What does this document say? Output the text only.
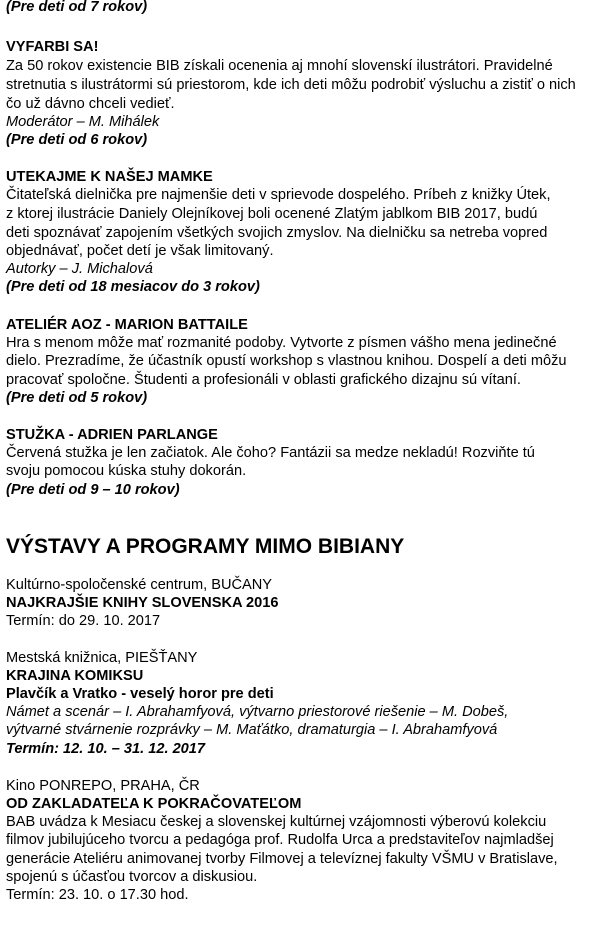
(Pre deti od 7 rokov)
VYFARBI SA!
Za 50 rokov existencie BIB získali ocenenia aj mnohí slovenskí ilustrátori. Pravidelné
stretnutia s ilustrátormi sú priestorom, kde ich deti môžu podrobiť výsluchu a zistiť o nich
čo už dávno chceli vedieť.
Moderátor – M. Mihálek
(Pre deti od 6 rokov)
UTEKAJME K NAŠEJ MAMKE
Čitateľská dielnička pre najmenšie deti v sprievode dospelého. Príbeh z knižky Útek,
z ktorej ilustrácie Daniely Olejníkovej boli ocenené Zlatým jablkom BIB 2017, budú
deti spoznávať zapojením všetkých svojich zmyslov. Na dielničku sa netreba vopred
objednávať, počet detí je však limitovaný.
Autorky – J. Michalová
(Pre deti od 18 mesiacov do 3 rokov)
ATELIÉR AOZ - MARION BATTAILE
Hra s menom môže mať rozmanité podoby. Vytvorte z písmen vášho mena jedinečné
dielo. Prezradíme, že účastník opustí workshop s vlastnou knihou. Dospelí a deti môžu
pracovať spoločne. Študenti a profesionáli v oblasti grafického dizajnu sú vítaní.
(Pre deti od 5 rokov)
STUŽKA - ADRIEN PARLANGE
Červená stužka je len začiatok. Ale čoho? Fantázii sa medze nekladú! Rozviňte tú
svoju pomocou kúska stuhy dokorán.
(Pre deti od 9 – 10 rokov)
VÝSTAVY A PROGRAMY MIMO BIBIANY
Kultúrno-spoločenské centrum, BUČANY
NAJKRAJŠIE KNIHY SLOVENSKA 2016
Termín: do 29. 10. 2017
Mestská knižnica, PIEŠŤANY
KRAJINA KOMIKSU
Plavčík a Vratko - veselý horor pre deti
Námet a scenár – I. Abrahamfyová, výtvarno priestorové riešenie – M. Dobeš,
výtvarné stvárnenie rozprávky – M. Maťátko, dramaturgia – I. Abrahamfyová
Termín: 12. 10. – 31. 12. 2017
Kino PONREPO, PRAHA, ČR
OD ZAKLADATEĽA K POKRAČOVATEĽOM
BAB uvádza k Mesiacu českej a slovenskej kultúrnej vzájomnosti výberovú kolekciu
filmov jubilujúceho tvorcu a pedagóga prof. Rudolfa Urca a predstaviteľov najmladšej
generácie Ateliéru animovanej tvorby Filmovej a televíznej fakulty VŠMU v Bratislave,
spojenú s účasťou tvorcov a diskusiou.
Termín: 23. 10. o 17.30 hod.
